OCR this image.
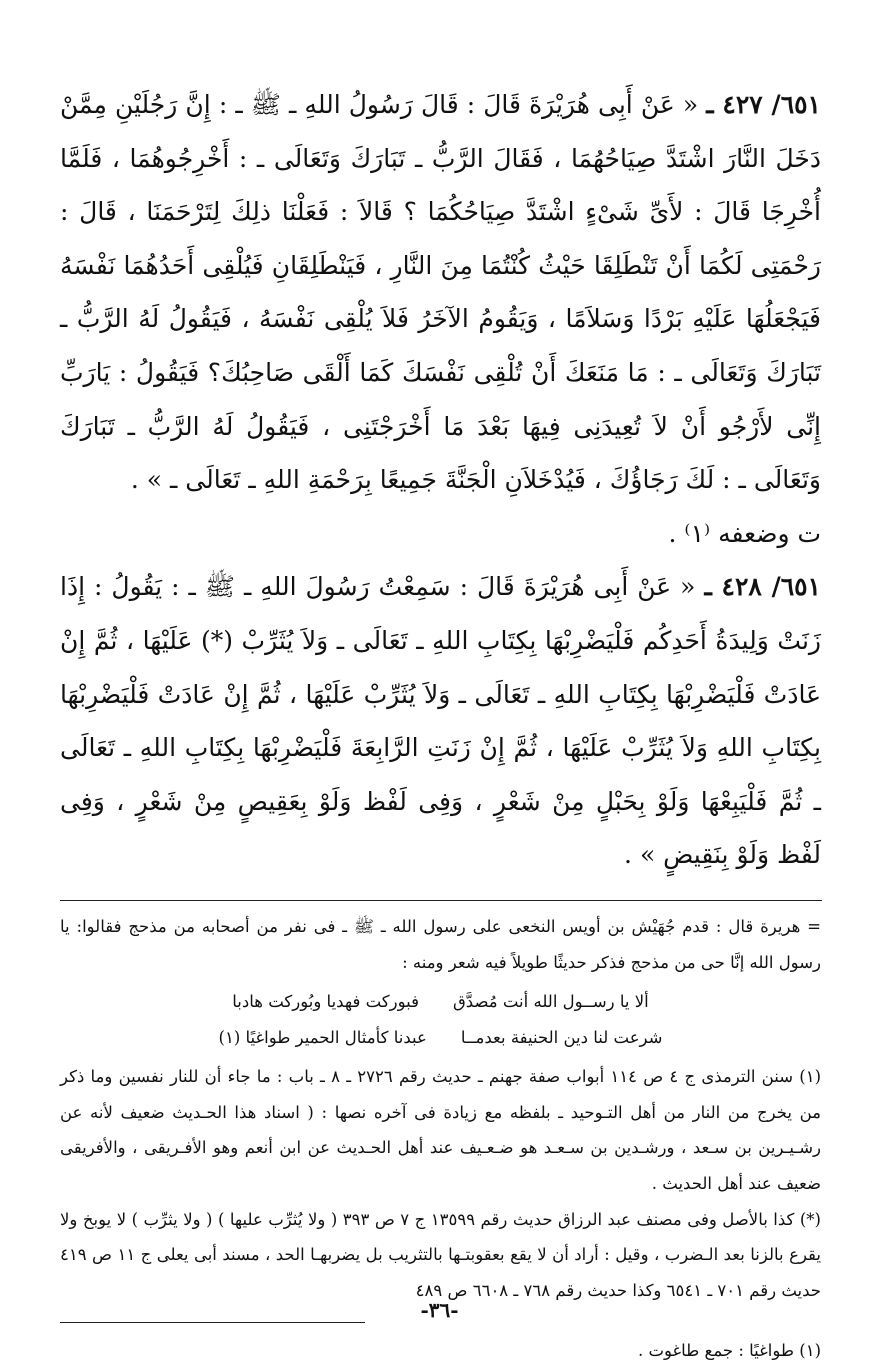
٦٥١/ ٤٢٧ ـ « عَنْ أَبِى هُرَيْرَةَ قَالَ : قَالَ رَسُولُ اللهِ ـ ﷺ ـ : إِنَّ رَجُلَيْنِ مِمَّنْ دَخَلَ النَّارَ اشْتَدَّ صِيَاحُهُمَا ، فَقَالَ الرَّبُّ ـ تَبَارَكَ وَتَعَالَى ـ : أَخْرِجُوهُمَا ، فَلَمَّا أُخْرِجَا قَالَ : لأَىِّ شَىْءٍ اشْتَدَّ صِيَاحُكُمَا ؟ قَالاَ : فَعَلْنَا ذلِكَ لِتَرْحَمَنَا ، قَالَ : رَحْمَتِى لَكُمَا أَنْ تَنْطَلِقَا حَيْثُ كُنْتُمَا مِنَ النَّارِ ، فَيَنْطَلِقَانِ فَيُلْقِى أَحَدُهُمَا نَفْسَهُ فَيَجْعَلُهَا عَلَيْهِ بَرْدًا وَسَلاَمًا ، وَيَقُومُ الآخَرُ فَلاَ يُلْقِى نَفْسَهُ ، فَيَقُولُ لَهُ الرَّبُّ ـ تَبَارَكَ وَتَعَالَى ـ : مَا مَنَعَكَ أَنْ تُلْقِى نَفْسَكَ كَمَا أَلْقَى صَاحِبُكَ؟ فَيَقُولُ : يَارَبِّ إِنِّى لأَرْجُو أَنْ لاَ تُعِيدَنِى فِيهَا بَعْدَ مَا أَخْرَجْتَنِى ، فَيَقُولُ لَهُ الرَّبُّ ـ تَبَارَكَ وَتَعَالَى ـ : لَكَ رَجَاؤُكَ ، فَيُدْخَلاَنِ الْجَنَّةَ جَمِيعًا بِرَحْمَةِ اللهِ ـ تَعَالَى ـ » .

ت وضعفه ⁽١⁾ .

٦٥١/ ٤٢٨ ـ « عَنْ أَبِى هُرَيْرَةَ قَالَ : سَمِعْتُ رَسُولَ اللهِ ـ ﷺ ـ : يَقُولُ : إِذَا زَنَتْ وَلِيدَةُ أَحَدِكُم فَلْيَضْرِبْهَا بِكِتَابِ اللهِ ـ تَعَالَى ـ وَلاَ يُثَرِّبْ (*) عَلَيْهَا ، ثُمَّ إِنْ عَادَتْ فَلْيَضْرِبْهَا بِكِتَابِ اللهِ ـ تَعَالَى ـ وَلاَ يُثَرِّبْ عَلَيْهَا ، ثُمَّ إِنْ عَادَتْ فَلْيَضْرِبْهَا بِكِتَابِ اللهِ وَلاَ يُثَرِّبْ عَلَيْهَا ، ثُمَّ إِنْ زَنَتِ الرَّابِعَةَ فَلْيَضْرِبْهَا بِكِتَابِ اللهِ ـ تَعَالَى ـ ثُمَّ فَلْيَبِعْهَا وَلَوْ بِحَبْلٍ مِنْ شَعْرٍ ، وَفِى لَفْظ وَلَوْ بِعَقِيصٍ مِنْ شَعْرٍ ، وَفِى لَفْظ وَلَوْ بِنَقِيضٍ » .

= هريرة قال : قدم جُهَيْش بن أويس النخعى على رسول الله ـ ﷺ ـ فى نفر من أصحابه من مذحج فقالوا: يا رسول الله إنَّا حى من مذحج فذكر حديثًا طويلاً فيه شعر ومنه :

ألا يا رســول الله أنت مُصدَّق
فبوركت فهديا وبُوركت هادبا
شرعت لنا دين الحنيفة بعدمــا
عبدنا كأمثال الحمير طواغيًا (١)

(١) سنن الترمذى ج ٤ ص ١١٤ أبواب صفة جهنم ـ حديث رقم ٢٧٢٦ ـ ٨ ـ باب : ما جاء أن للنار نفسين وما ذكر من يخرج من النار من أهل التـوحيد ـ بلفظه مع زيادة فى آخره نصها : ( اسناد هذا الحـديث ضعيف لأنه عن رشـيـرين بن سـعد ، ورشـدين بن سـعـد هو ضـعـيف عند أهل الحـديث عن ابن أنعم وهو الأفـريقى ، والأفريقى ضعيف عند أهل الحديث .

(*) كذا بالأصل وفى مصنف عبد الرزاق حديث رقم ١٣٥٩٩ ج ٧ ص ٣٩٣ ( ولا يُثرِّب عليها ) ( ولا يثرِّب ) لا يوبخ ولا يقرع بالزنا بعد الـضرب ، وقيل : أراد أن لا يقع بعقوبتـها بالتثريب بل يضربهـا الحد ، مسند أبى يعلى ج ١١ ص ٤١٩ حديث رقم ٧٠١ ـ ٦٥٤١ وكذا حديث رقم ٧٦٨ ـ ٦٦٠٨ ص ٤٨٩

(١) طواغيًا : جمع طاغوت .
-٣٦-
